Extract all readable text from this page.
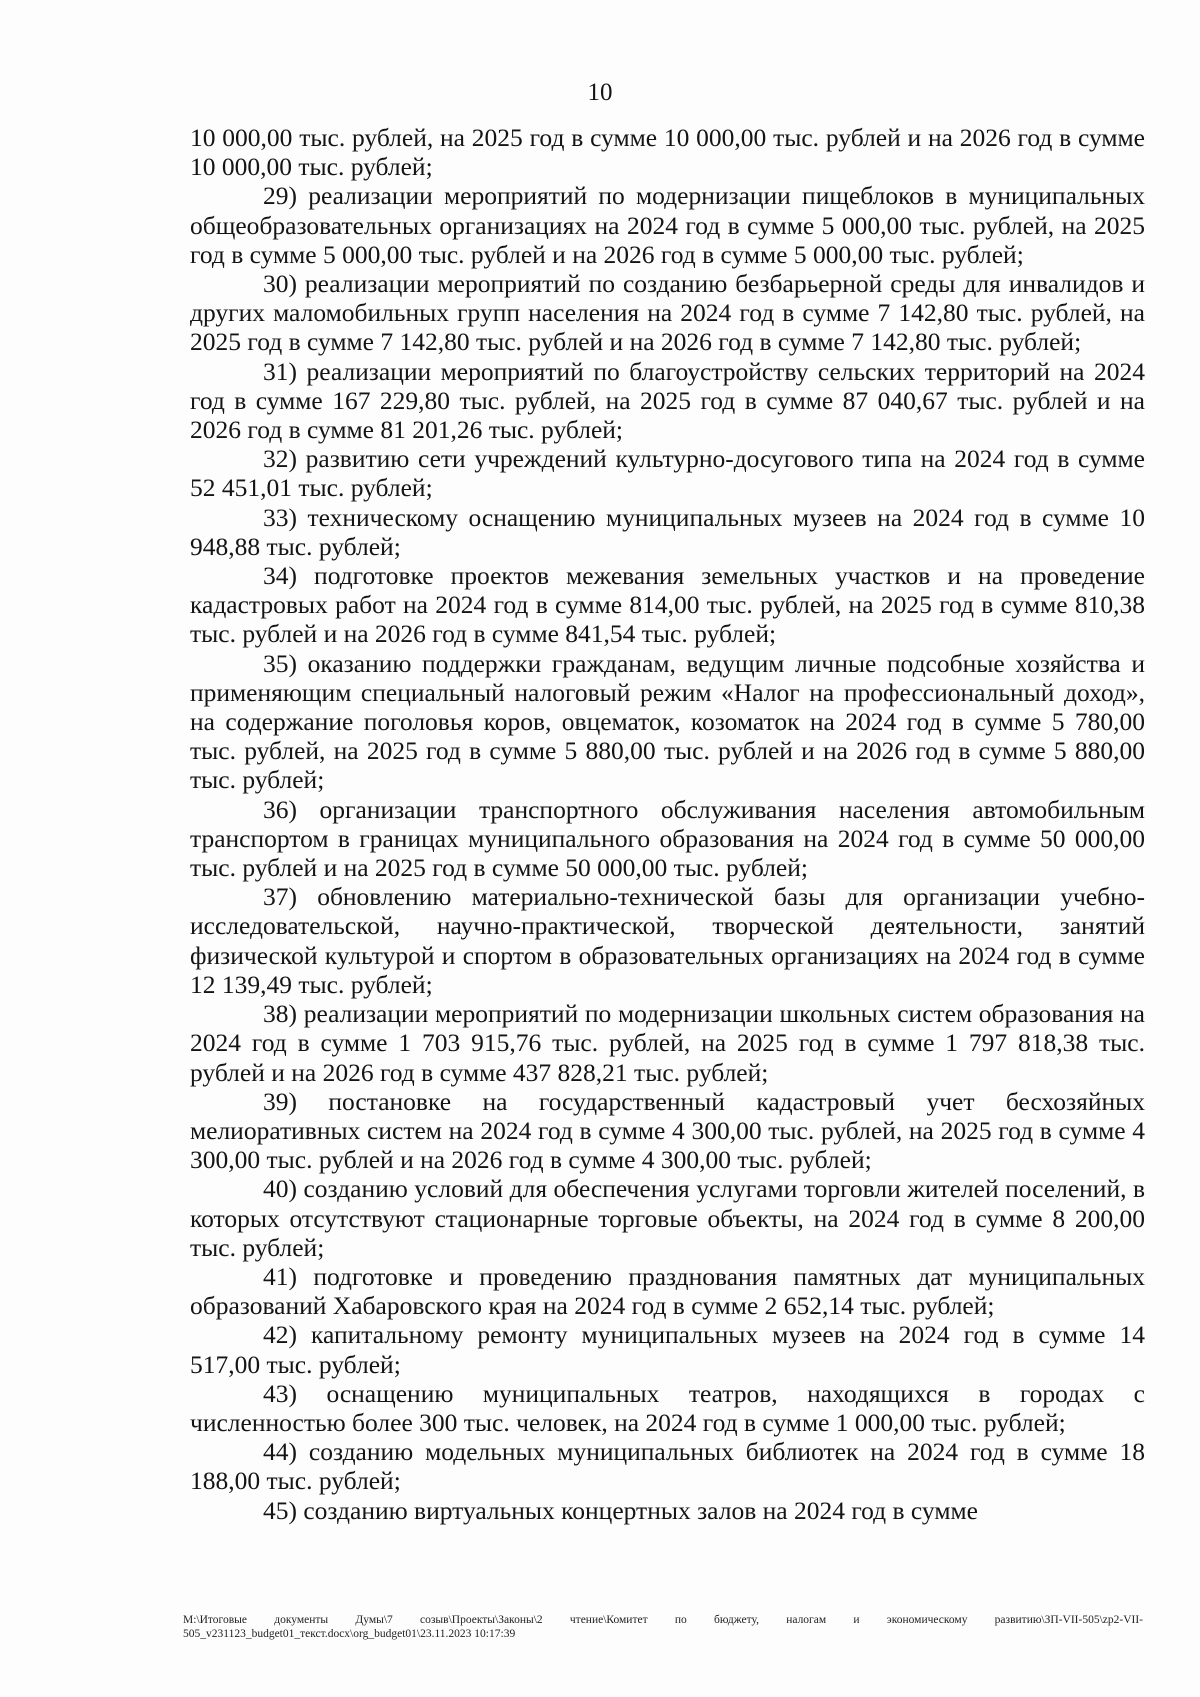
10

10 000,00 тыс. рублей, на 2025 год в сумме 10 000,00 тыс. рублей и на 2026 год в сумме 10 000,00 тыс. рублей;

29) реализации мероприятий по модернизации пищеблоков в муниципальных общеобразовательных организациях на 2024 год в сумме 5 000,00 тыс. рублей, на 2025 год в сумме 5 000,00 тыс. рублей и на 2026 год в сумме 5 000,00 тыс. рублей;

30) реализации мероприятий по созданию безбарьерной среды для инвалидов и других маломобильных групп населения на 2024 год в сумме 7 142,80 тыс. рублей, на 2025 год в сумме 7 142,80 тыс. рублей и на 2026 год в сумме 7 142,80 тыс. рублей;

31) реализации мероприятий по благоустройству сельских территорий на 2024 год в сумме 167 229,80 тыс. рублей, на 2025 год в сумме 87 040,67 тыс. рублей и на 2026 год в сумме 81 201,26 тыс. рублей;

32) развитию сети учреждений культурно-досугового типа на 2024 год в сумме 52 451,01 тыс. рублей;

33) техническому оснащению муниципальных музеев на 2024 год в сумме 10 948,88 тыс. рублей;

34) подготовке проектов межевания земельных участков и на проведение кадастровых работ на 2024 год в сумме 814,00 тыс. рублей, на 2025 год в сумме 810,38 тыс. рублей и на 2026 год в сумме 841,54 тыс. рублей;

35) оказанию поддержки гражданам, ведущим личные подсобные хозяйства и применяющим специальный налоговый режим «Налог на профессиональный доход», на содержание поголовья коров, овцематок, козоматок на 2024 год в сумме 5 780,00 тыс. рублей, на 2025 год в сумме 5 880,00 тыс. рублей и на 2026 год в сумме 5 880,00 тыс. рублей;

36) организации транспортного обслуживания населения автомобильным транспортом в границах муниципального образования на 2024 год в сумме 50 000,00 тыс. рублей и на 2025 год в сумме 50 000,00 тыс. рублей;

37) обновлению материально-технической базы для организации учебно-исследовательской, научно-практической, творческой деятельности, занятий физической культурой и спортом в образовательных организациях на 2024 год в сумме 12 139,49 тыс. рублей;

38) реализации мероприятий по модернизации школьных систем образования на 2024 год в сумме 1 703 915,76 тыс. рублей, на 2025 год в сумме 1 797 818,38 тыс. рублей и на 2026 год в сумме 437 828,21 тыс. рублей;

39) постановке на государственный кадастровый учет бесхозяйных мелиоративных систем на 2024 год в сумме 4 300,00 тыс. рублей, на 2025 год в сумме 4 300,00 тыс. рублей и на 2026 год в сумме 4 300,00 тыс. рублей;

40) созданию условий для обеспечения услугами торговли жителей поселений, в которых отсутствуют стационарные торговые объекты, на 2024 год в сумме 8 200,00 тыс. рублей;

41) подготовке и проведению празднования памятных дат муниципальных образований Хабаровского края на 2024 год в сумме 2 652,14 тыс. рублей;

42) капитальному ремонту муниципальных музеев на 2024 год в сумме 14 517,00 тыс. рублей;

43) оснащению муниципальных театров, находящихся в городах с численностью более 300 тыс. человек, на 2024 год в сумме 1 000,00 тыс. рублей;

44) созданию модельных муниципальных библиотек на 2024 год в сумме 18 188,00 тыс. рублей;

45) созданию виртуальных концертных залов на 2024 год в сумме

M:\Итоговые документы Думы\7 созыв\Проекты\Законы\2 чтение\Комитет по бюджету, налогам и экономическому развитию\ЗП-VII-505\zp2-VII-505_v231123_budget01_текст.docx\org_budget01\23.11.2023 10:17:39
